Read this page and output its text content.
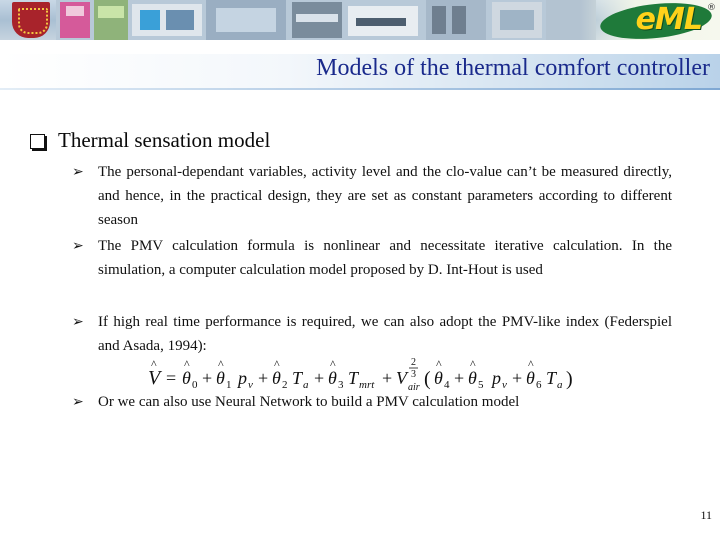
eML ®
Models of the thermal comfort controller
Thermal sensation model
➢ The personal-dependant variables, activity level and the clo-value can’t be measured directly, and hence, in the practical design, they are set as constant parameters according to different season
➢ The PMV calculation formula is nonlinear and necessitate iterative calculation. In the simulation, a computer calculation model proposed by D. Int-Hout is used
➢ If high real time performance is required, we can also adopt the PMV-like index (Federspiel and Asada, 1994):
V
^
= θ
^
0 + θ
^
1 p v + θ
^
2 T a + θ
^
3 T mrt + V air
2
3 ( θ
^
4 + θ
^
5 p v + θ
^
6 T a )
➢ Or we can also use Neural Network to build a PMV calculation model
11
